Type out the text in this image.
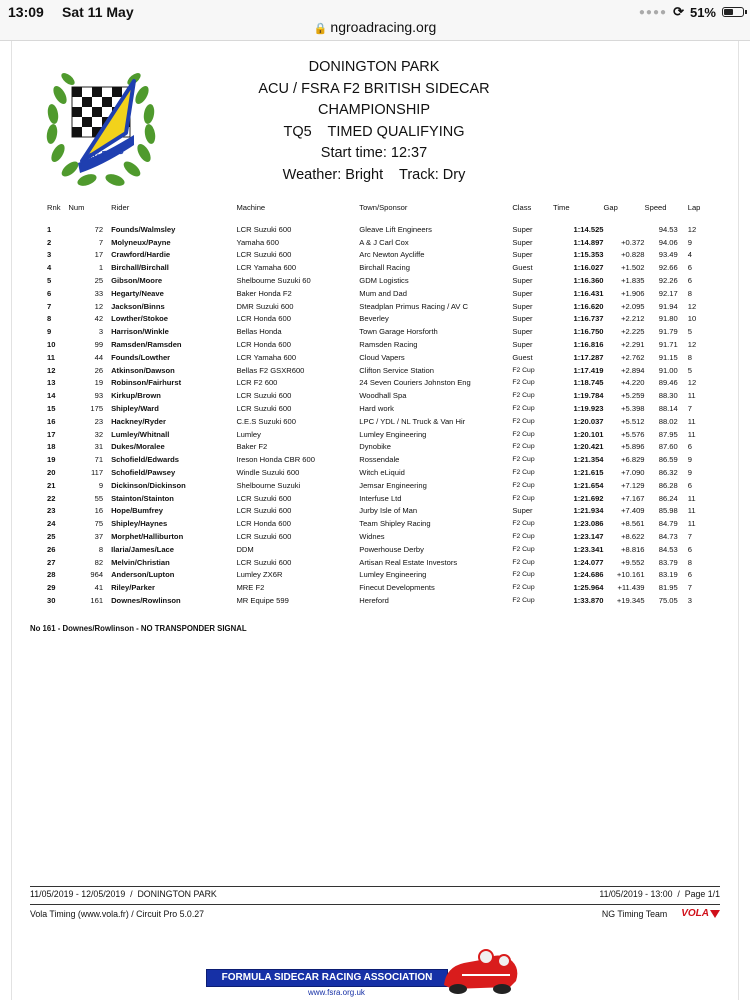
13:09 Sat 11 May
🔒 ngroadracing.org
●●●● ⟳ 51%
N.G.R.R.C
DONINGTON PARK
ACU / FSRA F2 BRITISH SIDECAR
CHAMPIONSHIP
TQ5    TIMED QUALIFYING
Start time: 12:37
Weather: Bright    Track: Dry
Rnk	Num	Rider	Machine	Town/Sponsor	Class	Time	Gap	Speed	Lap

1	72	Founds/Walmsley	LCR Suzuki 600	Gleave Lift Engineers	Super	1:14.525		94.53	12
2	7	Molyneux/Payne	Yamaha 600	A & J Carl Cox	Super	1:14.897	+0.372	94.06	9
3	17	Crawford/Hardie	LCR Suzuki 600	Arc Newton Aycliffe	Super	1:15.353	+0.828	93.49	4
4	1	Birchall/Birchall	LCR Yamaha 600	Birchall Racing	Guest	1:16.027	+1.502	92.66	6
5	25	Gibson/Moore	Shelbourne Suzuki 60	GDM Logistics	Super	1:16.360	+1.835	92.26	6
6	33	Hegarty/Neave	Baker Honda F2	Mum and Dad	Super	1:16.431	+1.906	92.17	8
7	12	Jackson/Binns	DMR Suzuki 600	Steadplan Primus Racing / AV C	Super	1:16.620	+2.095	91.94	12
8	42	Lowther/Stokoe	LCR Honda 600	Beverley	Super	1:16.737	+2.212	91.80	10
9	3	Harrison/Winkle	Bellas Honda	Town Garage Horsforth	Super	1:16.750	+2.225	91.79	5
10	99	Ramsden/Ramsden	LCR Honda 600	Ramsden Racing	Super	1:16.816	+2.291	91.71	12
11	44	Founds/Lowther	LCR Yamaha 600	Cloud Vapers	Guest	1:17.287	+2.762	91.15	8
12	26	Atkinson/Dawson	Bellas F2 GSXR600	Clifton Service Station	F2 Cup	1:17.419	+2.894	91.00	5
13	19	Robinson/Fairhurst	LCR F2 600	24 Seven Couriers Johnston Eng	F2 Cup	1:18.745	+4.220	89.46	12
14	93	Kirkup/Brown	LCR Suzuki 600	Woodhall Spa	F2 Cup	1:19.784	+5.259	88.30	11
15	175	Shipley/Ward	LCR Suzuki 600	Hard work	F2 Cup	1:19.923	+5.398	88.14	7
16	23	Hackney/Ryder	C.E.S Suzuki 600	LPC / YDL / NL Truck & Van Hir	F2 Cup	1:20.037	+5.512	88.02	11
17	32	Lumley/Whitnall	Lumley	Lumley Engineering	F2 Cup	1:20.101	+5.576	87.95	11
18	31	Dukes/Moralee	Baker F2	Dynobike	F2 Cup	1:20.421	+5.896	87.60	6
19	71	Schofield/Edwards	Ireson Honda CBR 600	Rossendale	F2 Cup	1:21.354	+6.829	86.59	9
20	117	Schofield/Pawsey	Windle Suzuki 600	Witch eLiquid	F2 Cup	1:21.615	+7.090	86.32	9
21	9	Dickinson/Dickinson	Shelbourne Suzuki	Jemsar Engineering	F2 Cup	1:21.654	+7.129	86.28	6
22	55	Stainton/Stainton	LCR Suzuki 600	Interfuse Ltd	F2 Cup	1:21.692	+7.167	86.24	11
23	16	Hope/Bumfrey	LCR Suzuki 600	Jurby Isle of Man	Super	1:21.934	+7.409	85.98	11
24	75	Shipley/Haynes	LCR Honda 600	Team Shipley Racing	F2 Cup	1:23.086	+8.561	84.79	11
25	37	Morphet/Halliburton	LCR Suzuki 600	Widnes	F2 Cup	1:23.147	+8.622	84.73	7
26	8	Ilaria/James/Lace	DDM	Powerhouse Derby	F2 Cup	1:23.341	+8.816	84.53	6
27	82	Melvin/Christian	LCR Suzuki 600	Artisan Real Estate Investors	F2 Cup	1:24.077	+9.552	83.79	8
28	964	Anderson/Lupton	Lumley ZX6R	Lumley Engineering	F2 Cup	1:24.686	+10.161	83.19	6
29	41	Riley/Parker	MRE F2	Finecut Developments	F2 Cup	1:25.964	+11.439	81.95	7
30	161	Downes/Rowlinson	MR Equipe 599	Hereford	F2 Cup	1:33.870	+19.345	75.05	3
No 161 - Downes/Rowlinson - NO TRANSPONDER SIGNAL
11/05/2019 - 12/05/2019  /  DONINGTON PARK	11/05/2019 - 13:00  /  Page 1/1
Vola Timing (www.vola.fr) / Circuit Pro 5.0.27	NG Timing Team VOLA
FORMULA SIDECAR RACING ASSOCIATION
www.fsra.org.uk
